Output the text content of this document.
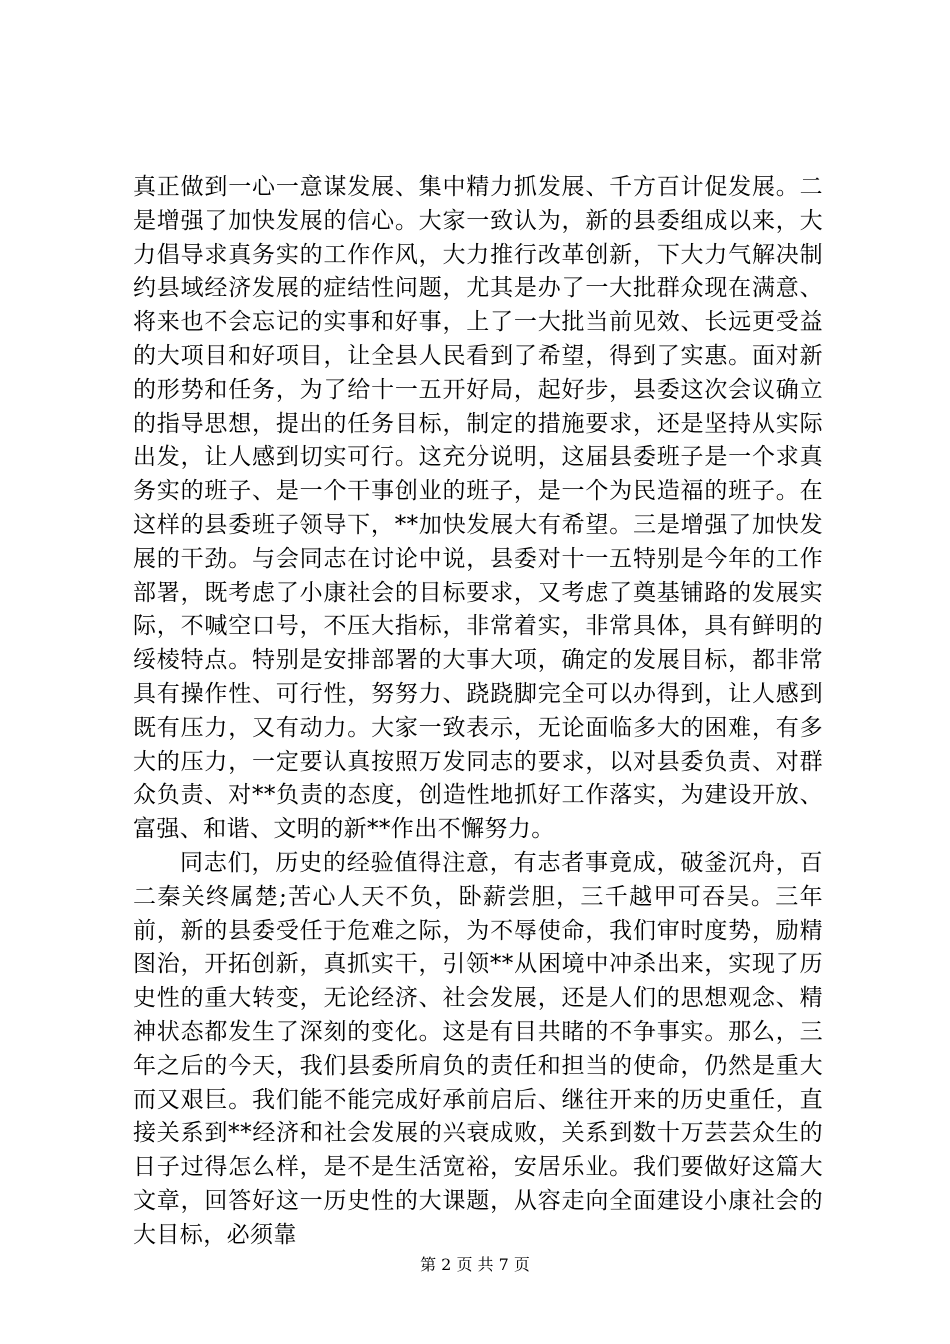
真正做到一心一意谋发展、集中精力抓发展、千方百计促发展。二是增强了加快发展的信心。大家一致认为，新的县委组成以来，大力倡导求真务实的工作作风，大力推行改革创新，下大力气解决制约县域经济发展的症结性问题，尤其是办了一大批群众现在满意、将来也不会忘记的实事和好事，上了一大批当前见效、长远更受益的大项目和好项目，让全县人民看到了希望，得到了实惠。面对新的形势和任务，为了给十一五开好局，起好步，县委这次会议确立的指导思想，提出的任务目标，制定的措施要求，还是坚持从实际出发，让人感到切实可行。这充分说明，这届县委班子是一个求真务实的班子、是一个干事创业的班子，是一个为民造福的班子。在这样的县委班子领导下，**加快发展大有希望。三是增强了加快发展的干劲。与会同志在讨论中说，县委对十一五特别是今年的工作部署，既考虑了小康社会的目标要求，又考虑了奠基铺路的发展实际，不喊空口号，不压大指标，非常着实，非常具体，具有鲜明的绥棱特点。特别是安排部署的大事大项，确定的发展目标，都非常具有操作性、可行性，努努力、跷跷脚完全可以办得到，让人感到既有压力，又有动力。大家一致表示，无论面临多大的困难，有多大的压力，一定要认真按照万发同志的要求，以对县委负责、对群众负责、对**负责的态度，创造性地抓好工作落实，为建设开放、富强、和谐、文明的新**作出不懈努力。

同志们，历史的经验值得注意，有志者事竟成，破釜沉舟，百二秦关终属楚;苦心人天不负，卧薪尝胆，三千越甲可吞吴。三年前，新的县委受任于危难之际，为不辱使命，我们审时度势，励精图治，开拓创新，真抓实干，引领**从困境中冲杀出来，实现了历史性的重大转变，无论经济、社会发展，还是人们的思想观念、精神状态都发生了深刻的变化。这是有目共睹的不争事实。那么，三年之后的今天，我们县委所肩负的责任和担当的使命，仍然是重大而又艰巨。我们能不能完成好承前启后、继往开来的历史重任，直接关系到**经济和社会发展的兴衰成败，关系到数十万芸芸众生的日子过得怎么样，是不是生活宽裕，安居乐业。我们要做好这篇大文章，回答好这一历史性的大课题，从容走向全面建设小康社会的大目标，必须靠

第 2 页 共 7 页
